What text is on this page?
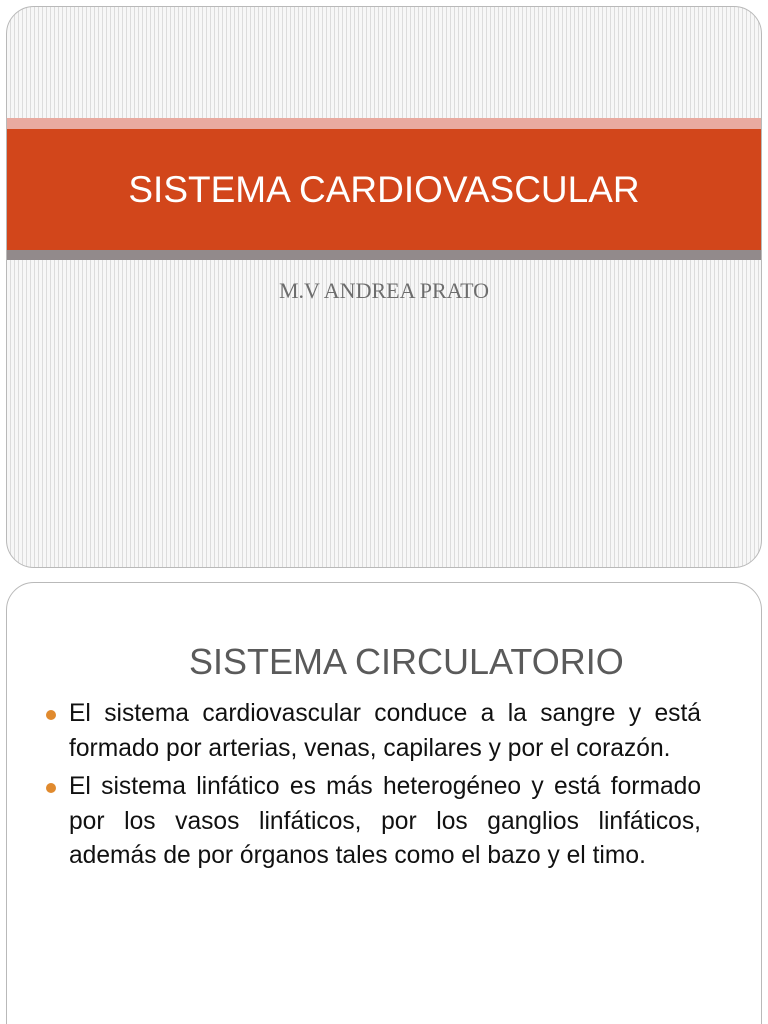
SISTEMA CARDIOVASCULAR

M.V ANDREA PRATO

SISTEMA CIRCULATORIO
El sistema cardiovascular conduce a la sangre y está formado por arterias, venas, capilares y por el corazón.
El sistema linfático es más heterogéneo y está formado por los vasos linfáticos, por los ganglios linfáticos, además de por órganos tales como el bazo y el timo.
